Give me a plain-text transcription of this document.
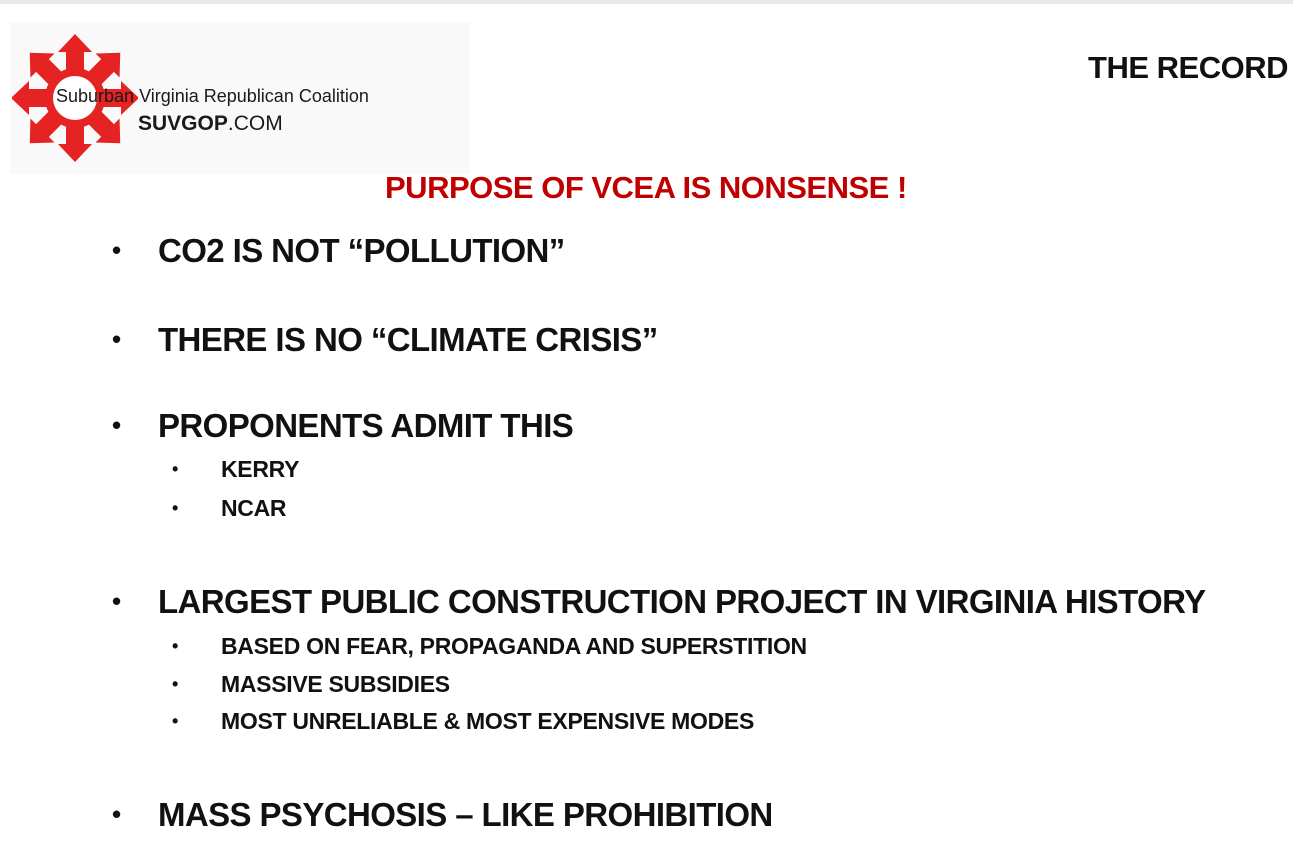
Suburban Virginia Republican Coalition
SUVGOP.COM
THE RECORD
PURPOSE OF VCEA IS NONSENSE !
• CO2 IS NOT “POLLUTION”
• THERE IS NO “CLIMATE CRISIS”
• PROPONENTS ADMIT THIS
• KERRY
• NCAR
• LARGEST PUBLIC CONSTRUCTION PROJECT IN VIRGINIA HISTORY
• BASED ON FEAR, PROPAGANDA AND SUPERSTITION
• MASSIVE SUBSIDIES
• MOST UNRELIABLE & MOST EXPENSIVE MODES
• MASS PSYCHOSIS – LIKE PROHIBITION
